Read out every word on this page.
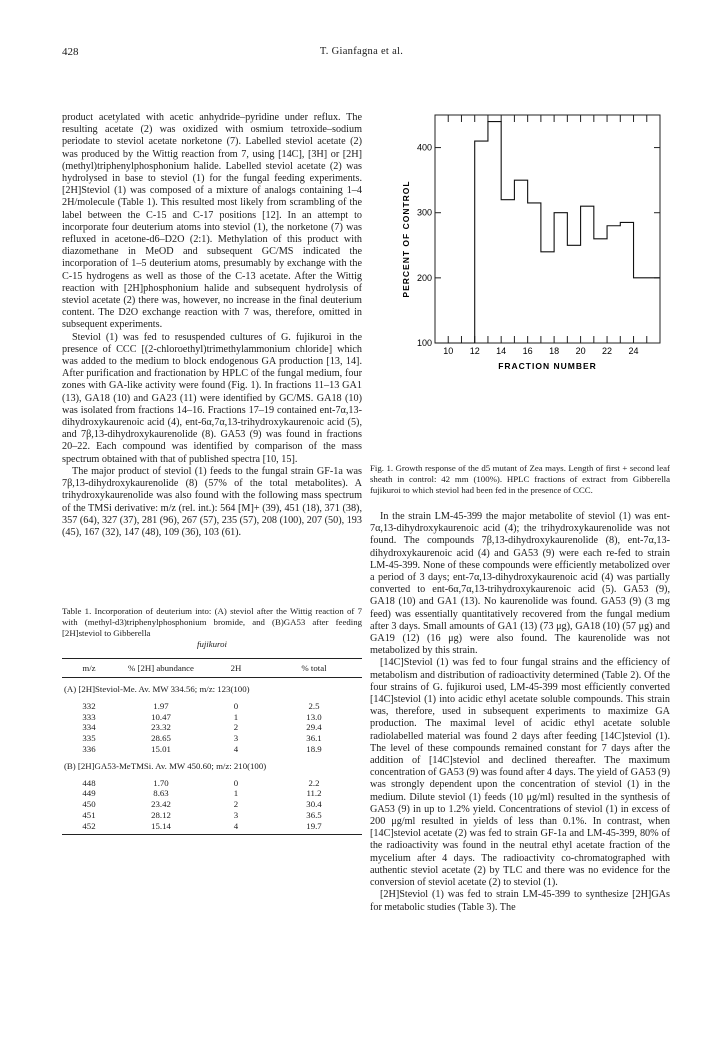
428	T. Gianfagna et al.

product acetylated with acetic anhydride–pyridine under reflux. The resulting acetate (2) was oxidized with osmium tetroxide–sodium periodate to steviol acetate norketone (7). Labelled steviol acetate (2) was produced by the Wittig reaction from 7, using [14C], [3H] or [2H](methyl)triphenylphosphonium halide. Labelled steviol acetate (2) was hydrolysed in base to steviol (1) for the fungal feeding experiments. [2H]Steviol (1) was composed of a mixture of analogs containing 1–4 2H/molecule (Table 1). This resulted most likely from scrambling of the label between the C-15 and C-17 positions [12]. In an attempt to incorporate four deuterium atoms into steviol (1), the norketone (7) was refluxed in acetone-d6–D2O (2:1). Methylation of this product with diazomethane in MeOD and subsequent GC/MS indicated the incorporation of 1–5 deuterium atoms, presumably by exchange with the C-15 hydrogens as well as those of the C-13 acetate. After the Wittig reaction with [2H]phosphonium halide and subsequent hydrolysis of steviol acetate (2) there was, however, no increase in the final deuterium content. The D2O exchange reaction with 7 was, therefore, omitted in subsequent experiments.

Steviol (1) was fed to resuspended cultures of G. fujikuroi in the presence of CCC [(2-chloroethyl)trimethylammonium chloride] which was added to the medium to block endogenous GA production [13, 14]. After purification and fractionation by HPLC of the fungal medium, four zones with GA-like activity were found (Fig. 1). In fractions 11–13 GA1 (13), GA18 (10) and GA23 (11) were identified by GC/MS. GA18 (10) was isolated from fractions 14–16. Fractions 17–19 contained ent-7α,13-dihydroxykaurenoic acid (4), ent-6α,7α,13-trihydroxykaurenoic acid (5), and 7β,13-dihydroxykaurenolide (8). GA53 (9) was found in fractions 20–22. Each compound was identified by comparison of the mass spectrum obtained with that of published spectra [10, 15].

The major product of steviol (1) feeds to the fungal strain GF-1a was 7β,13-dihydroxykaurenolide (8) (57% of the total metabolites). A trihydroxykaurenolide was also found with the following mass spectrum of the TMSi derivative: m/z (rel. int.): 564 [M]+ (39), 451 (18), 371 (38), 357 (64), 327 (37), 281 (96), 267 (57), 235 (57), 208 (100), 207 (50), 193 (45), 167 (32), 147 (48), 109 (36), 103 (61).

Table 1. Incorporation of deuterium into: (A) steviol after the Wittig reaction of 7 with (methyl-d3)triphenylphosphonium bromide, and (B)GA53 after feeding [2H]steviol to Gibberella
fujikuroi
m/z	% [2H] abundance	2H	% total
(A) [2H]Steviol-Me. Av. MW 334.56; m/z: 123(100)			
332	1.97	0	2.5
333	10.47	1	13.0
334	23.32	2	29.4
335	28.65	3	36.1
336	15.01	4	18.9
(B) [2H]GA53-MeTMSi. Av. MW 450.60; m/z: 210(100)			
448	1.70	0	2.2
449	8.63	1	11.2
450	23.42	2	30.4
451	28.12	3	36.5
452	15.14	4	19.7
100
200
300
400
10 12 14 16 18 20 22 24
FRACTION NUMBER
PERCENT OF CONTROL
Fig. 1. Growth response of the d5 mutant of Zea mays. Length of first + second leaf sheath in control: 42 mm (100%). HPLC fractions of extract from Gibberella fujikuroi to which steviol had been fed in the presence of CCC.

In the strain LM-45-399 the major metabolite of steviol (1) was ent-7α,13-dihydroxykaurenoic acid (4); the trihydroxykaurenolide was not found. The compounds 7β,13-dihydroxykaurenolide (8), ent-7α,13-dihydroxykaurenoic acid (4) and GA53 (9) were each re-fed to strain LM-45-399. None of these compounds were efficiently metabolized over a period of 3 days; ent-7α,13-dihydroxykaurenoic acid (4) was partially converted to ent-6α,7α,13-trihydroxykaurenoic acid (5). GA53 (9), GA18 (10) and GA1 (13). No kaurenolide was found. GA53 (9) (3 mg feed) was essentially quantitatively recovered from the fungal medium after 3 days. Small amounts of GA1 (13) (73 μg), GA18 (10) (57 μg) and GA19 (12) (16 μg) were also found. The kaurenolide was not metabolized by this strain.

[14C]Steviol (1) was fed to four fungal strains and the efficiency of metabolism and distribution of radioactivity determined (Table 2). Of the four strains of G. fujikuroi used, LM-45-399 most efficiently converted [14C]steviol (1) into acidic ethyl acetate soluble compounds. This strain was, therefore, used in subsequent experiments to maximize GA production. The maximal level of acidic ethyl acetate soluble radiolabelled material was found 2 days after feeding [14C]steviol (1). The level of these compounds remained constant for 7 days after the addition of [14C]steviol and declined thereafter. The maximum concentration of GA53 (9) was found after 4 days. The yield of GA53 (9) was strongly dependent upon the concentration of steviol (1) in the medium. Dilute steviol (1) feeds (10 μg/ml) resulted in the synthesis of GA53 (9) in up to 1.2% yield. Concentrations of steviol (1) in excess of 200 μg/ml resulted in yields of less than 0.1%. In contrast, when [14C]steviol acetate (2) was fed to strain GF-1a and LM-45-399, 80% of the radioactivity was found in the neutral ethyl acetate fraction of the mycelium after 4 days. The radioactivity co-chromatographed with authentic steviol acetate (2) by TLC and there was no evidence for the conversion of steviol acetate (2) to steviol (1).

[2H]Steviol (1) was fed to strain LM-45-399 to synthesize [2H]GAs for metabolic studies (Table 3). The
